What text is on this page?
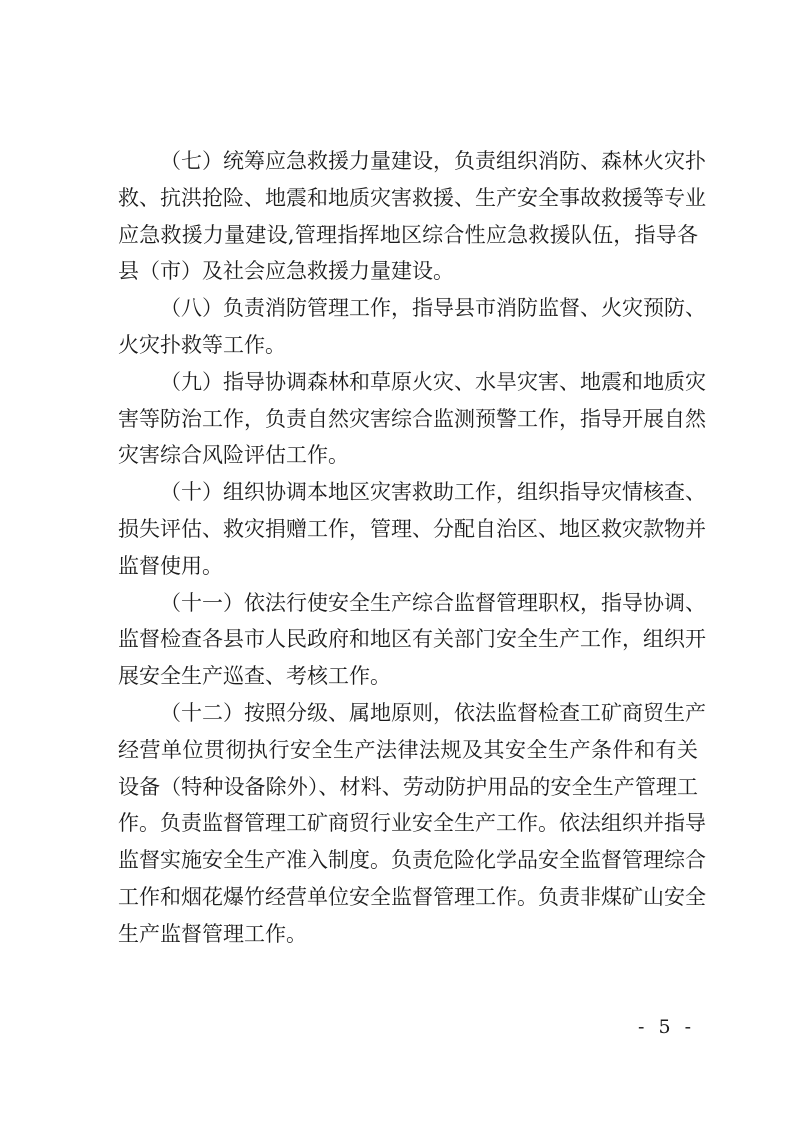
（七）统筹应急救援力量建设，负责组织消防、森林火灾扑
救、抗洪抢险、地震和地质灾害救援、生产安全事故救援等专业
应急救援力量建设,管理指挥地区综合性应急救援队伍，指导各
县（市）及社会应急救援力量建设。
（八）负责消防管理工作，指导县市消防监督、火灾预防、
火灾扑救等工作。
（九）指导协调森林和草原火灾、水旱灾害、地震和地质灾
害等防治工作，负责自然灾害综合监测预警工作，指导开展自然
灾害综合风险评估工作。
（十）组织协调本地区灾害救助工作，组织指导灾情核查、
损失评估、救灾捐赠工作，管理、分配自治区、地区救灾款物并
监督使用。
（十一）依法行使安全生产综合监督管理职权，指导协调、
监督检查各县市人民政府和地区有关部门安全生产工作，组织开
展安全生产巡查、考核工作。
（十二）按照分级、属地原则，依法监督检查工矿商贸生产
经营单位贯彻执行安全生产法律法规及其安全生产条件和有关
设备（特种设备除外）、材料、劳动防护用品的安全生产管理工
作。负责监督管理工矿商贸行业安全生产工作。依法组织并指导
监督实施安全生产准入制度。负责危险化学品安全监督管理综合
工作和烟花爆竹经营单位安全监督管理工作。负责非煤矿山安全
生产监督管理工作。
- 5 -
